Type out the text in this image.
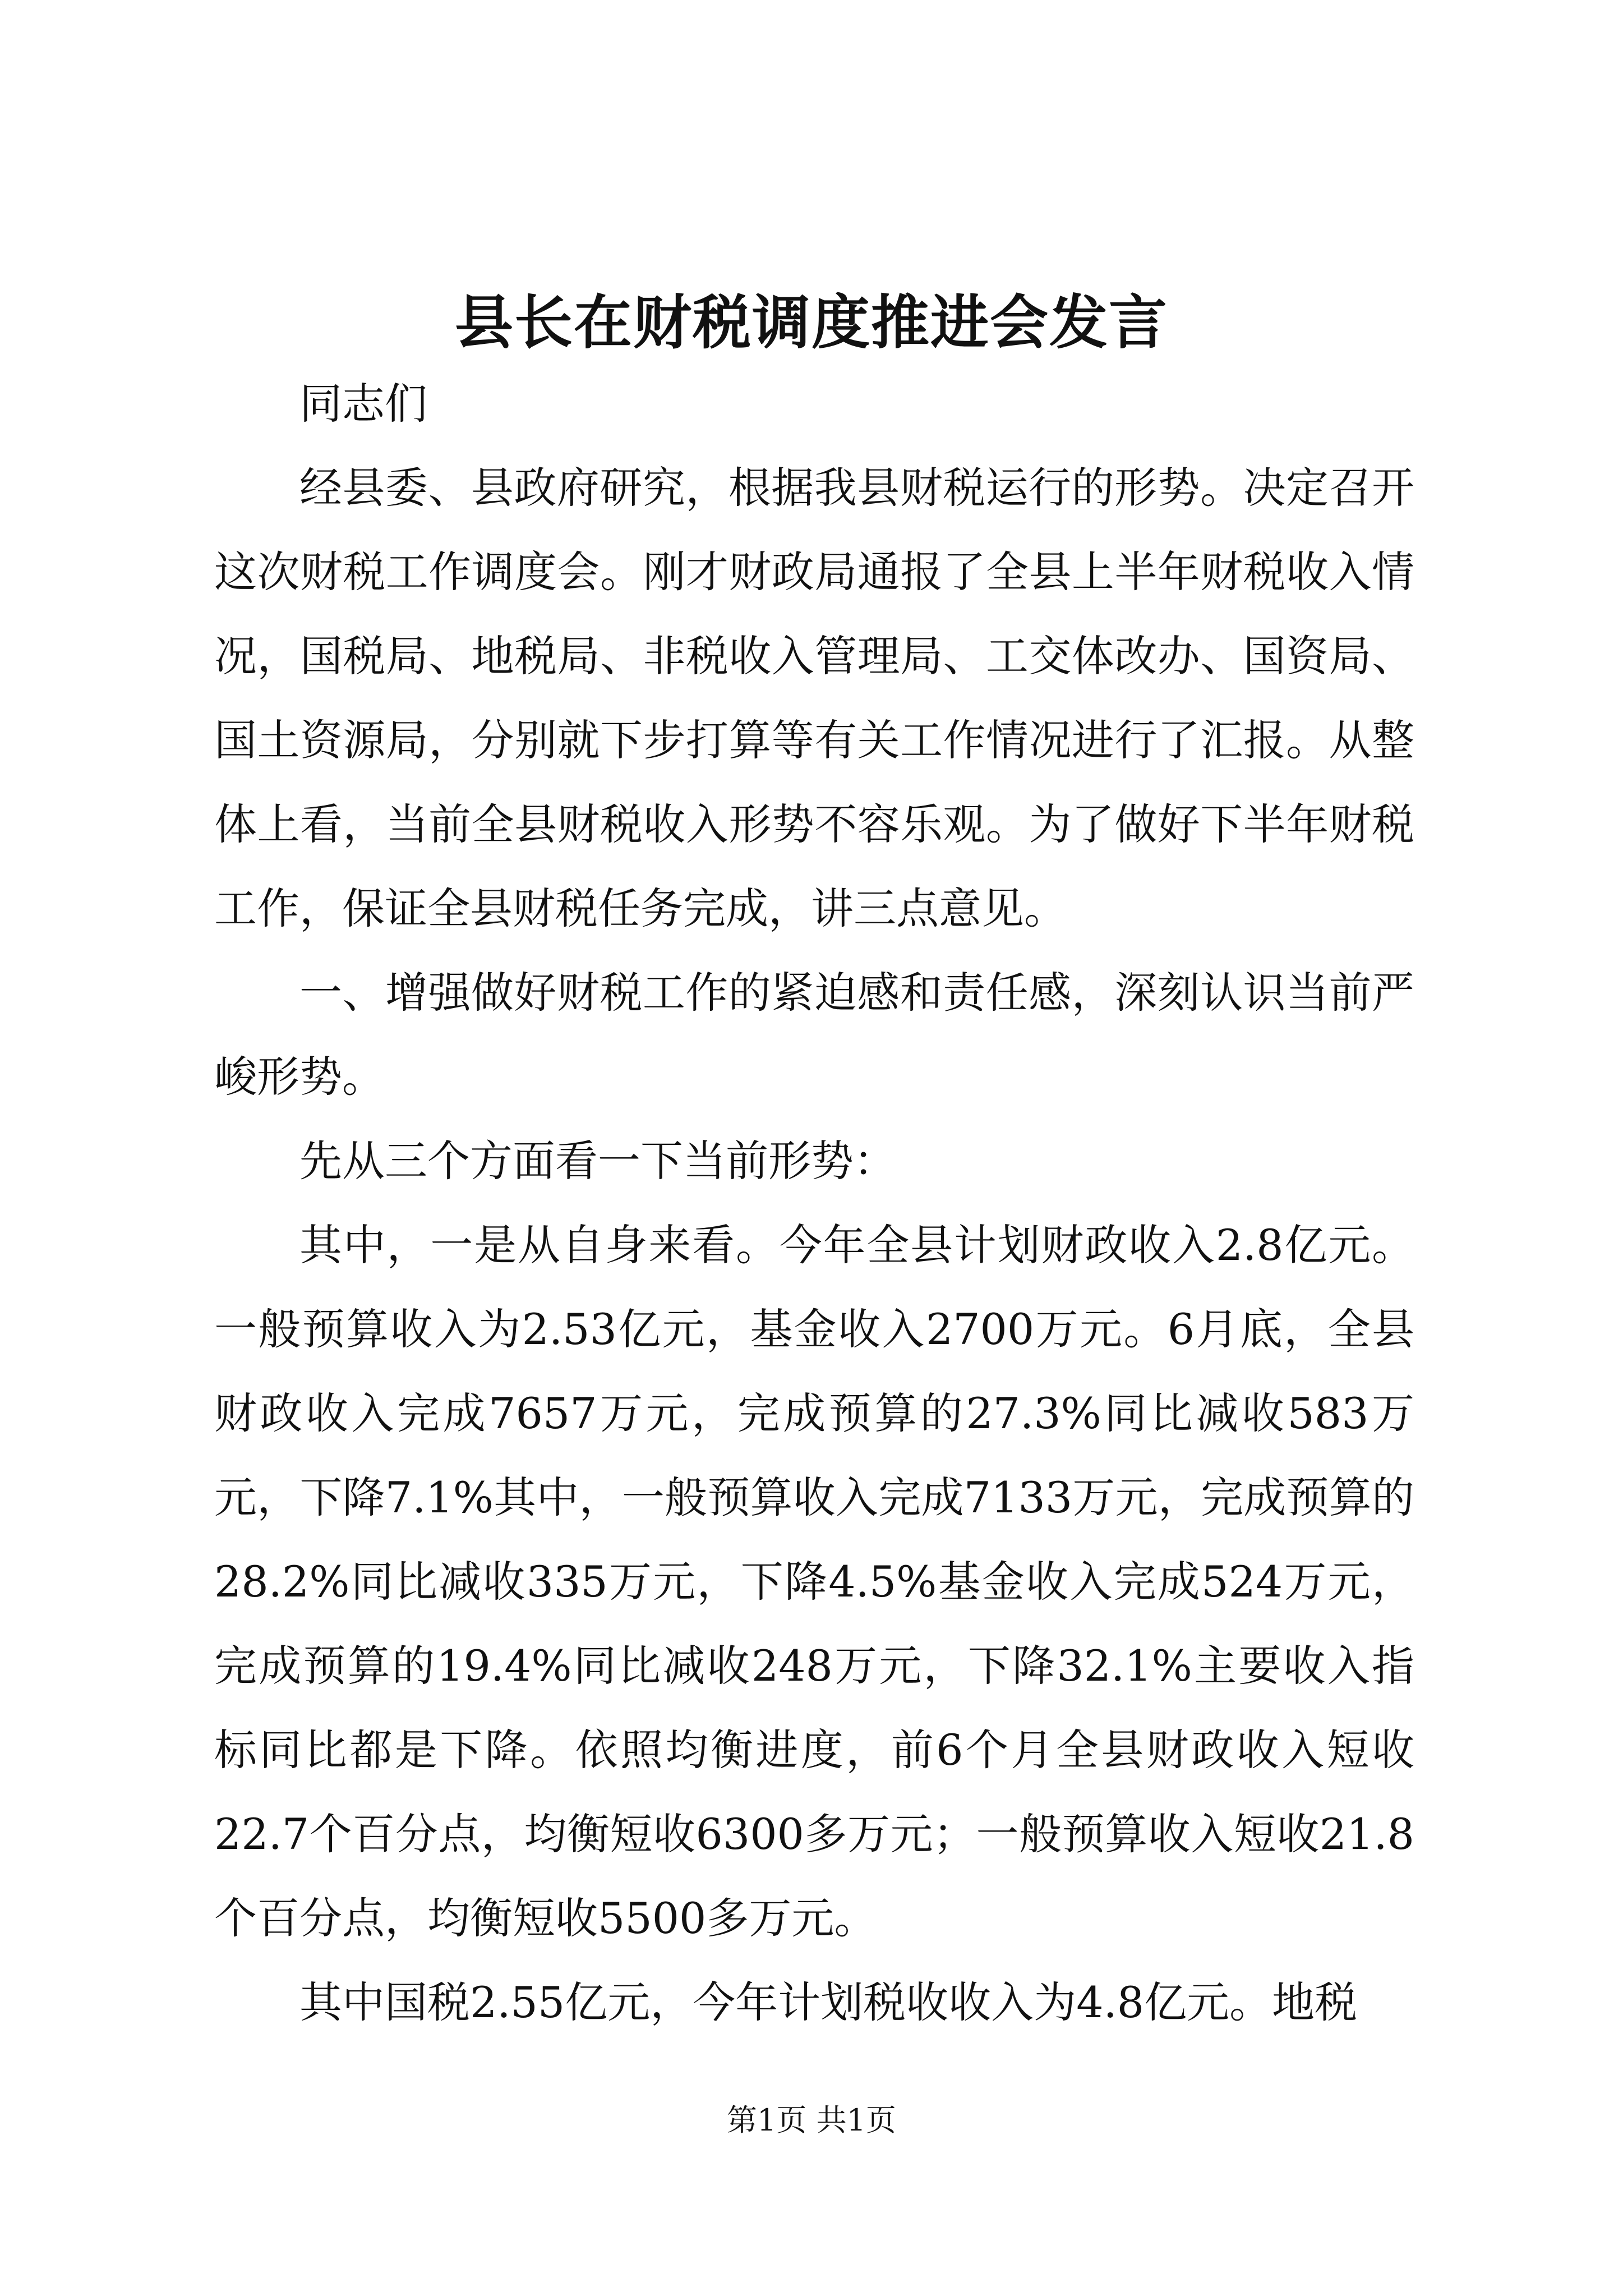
县长在财税调度推进会发言

同志们

经县委、县政府研究，根据我县财税运行的形势。决定召开这次财税工作调度会。刚才财政局通报了全县上半年财税收入情况，国税局、地税局、非税收入管理局、工交体改办、国资局、国土资源局，分别就下步打算等有关工作情况进行了汇报。从整体上看，当前全县财税收入形势不容乐观。为了做好下半年财税工作，保证全县财税任务完成，讲三点意见。

一、增强做好财税工作的紧迫感和责任感，深刻认识当前严峻形势。

先从三个方面看一下当前形势：

其中，一是从自身来看。今年全县计划财政收入2.8亿元。一般预算收入为2.53亿元，基金收入2700万元。6月底，全县财政收入完成7657万元，完成预算的27.3%同比减收583万元，下降7.1%其中，一般预算收入完成7133万元，完成预算的28.2%同比减收335万元，下降4.5%基金收入完成524万元，完成预算的19.4%同比减收248万元，下降32.1%主要收入指标同比都是下降。依照均衡进度，前6个月全县财政收入短收22.7个百分点，均衡短收6300多万元；一般预算收入短收21.8个百分点，均衡短收5500多万元。

其中国税2.55亿元，今年计划税收收入为4.8亿元。地税

第1页 共1页
